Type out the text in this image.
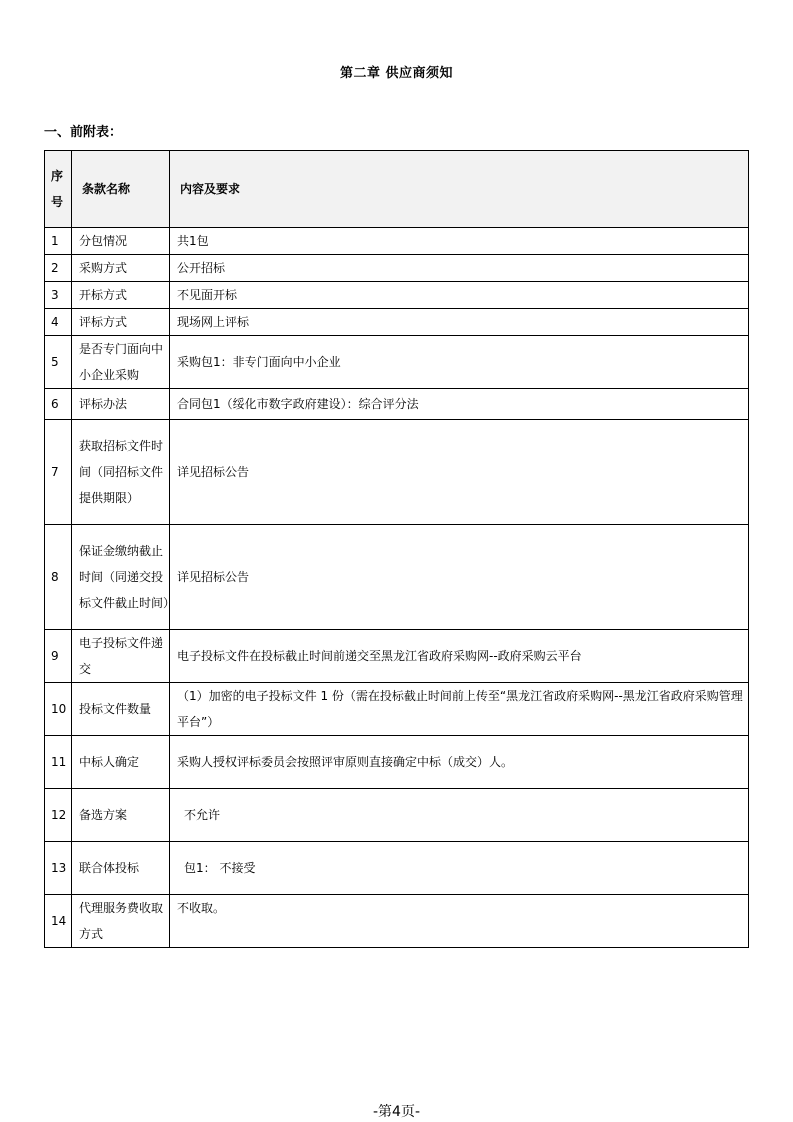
第二章 供应商须知
一、前附表：
序号	条款名称	内容及要求
1	分包情况	共1包
2	采购方式	公开招标
3	开标方式	不见面开标
4	评标方式	现场网上评标
5	是否专门面向中小企业采购	采购包1：非专门面向中小企业
6	评标办法	合同包1（绥化市数字政府建设）：综合评分法
7	获取招标文件时间（同招标文件提供期限）	详见招标公告
8	保证金缴纳截止时间（同递交投标文件截止时间）	详见招标公告
9	电子投标文件递交	电子投标文件在投标截止时间前递交至黑龙江省政府采购网--政府采购云平台
10	投标文件数量	（1）加密的电子投标文件 1 份（需在投标截止时间前上传至“黑龙江省政府采购网--黑龙江省政府采购管理平台”）
11	中标人确定	采购人授权评标委员会按照评审原则直接确定中标（成交）人。
12	备选方案	不允许
13	联合体投标	包1： 不接受
14	代理服务费收取方式	不收取。
-第4页-
